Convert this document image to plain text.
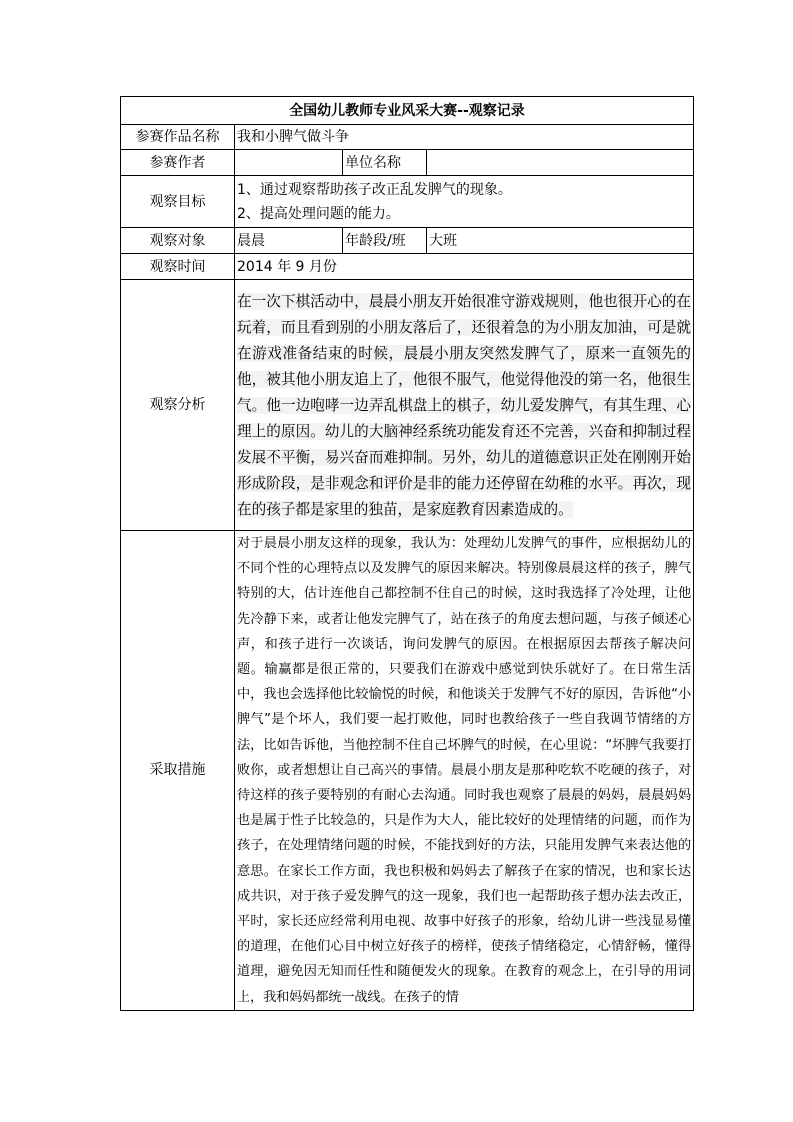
全国幼儿教师专业风采大赛--观察记录			
参赛作品名称	我和小脾气做斗争		
参赛作者		单位名称	
观察目标	1、通过观察帮助孩子改正乱发脾气的现象。
2、提高处理问题的能力。		

观察对象	晨晨	年龄段/班	大班
观察时间	2014 年 9 月份		
观察分析	在一次下棋活动中，晨晨小朋友开始很准守游戏规则，他也很开心的在玩着，而且看到别的小朋友落后了，还很着急的为小朋友加油，可是就在游戏准备结束的时候，晨晨小朋友突然发脾气了，原来一直领先的他，被其他小朋友追上了，他很不服气，他觉得他没的第一名，他很生气。他一边咆哮一边弄乱棋盘上的棋子，幼儿爱发脾气，有其生理、心理上的原因。幼儿的大脑神经系统功能发育还不完善，兴奋和抑制过程发展不平衡，易兴奋而难抑制。另外，幼儿的道德意识正处在刚刚开始形成阶段，是非观念和评价是非的能力还停留在幼稚的水平。再次，现在的孩子都是家里的独苗，是家庭教育因素造成的。		

采取措施	对于晨晨小朋友这样的现象，我认为：处理幼儿发脾气的事件，应根据幼儿的不同个性的心理特点以及发脾气的原因来解决。特别像晨晨这样的孩子，脾气特别的大，估计连他自己都控制不住自己的时候，这时我选择了冷处理，让他先冷静下来，或者让他发完脾气了，站在孩子的角度去想问题，与孩子倾述心声，和孩子进行一次谈话，询问发脾气的原因。在根据原因去帮孩子解决问题。输赢都是很正常的，只要我们在游戏中感觉到快乐就好了。在日常生活中，我也会选择他比较愉悦的时候，和他谈关于发脾气不好的原因，告诉他“小脾气”是个坏人，我们要一起打败他，同时也教给孩子一些自我调节情绪的方法，比如告诉他，当他控制不住自己坏脾气的时候，在心里说：“坏脾气我要打败你，或者想想让自己高兴的事情。晨晨小朋友是那种吃软不吃硬的孩子，对待这样的孩子要特别的有耐心去沟通。同时我也观察了晨晨的妈妈，晨晨妈妈也是属于性子比较急的，只是作为大人，能比较好的处理情绪的问题，而作为孩子，在处理情绪问题的时候，不能找到好的方法，只能用发脾气来表达他的意思。在家长工作方面，我也积极和妈妈去了解孩子在家的情况，也和家长达成共识，对于孩子爱发脾气的这一现象，我们也一起帮助孩子想办法去改正，平时，家长还应经常利用电视、故事中好孩子的形象，给幼儿讲一些浅显易懂的道理，在他们心目中树立好孩子的榜样，使孩子情绪稳定，心情舒畅，懂得道理，避免因无知而任性和随便发火的现象。在教育的观念上，在引导的用词上，我和妈妈都统一战线。在孩子的情		
